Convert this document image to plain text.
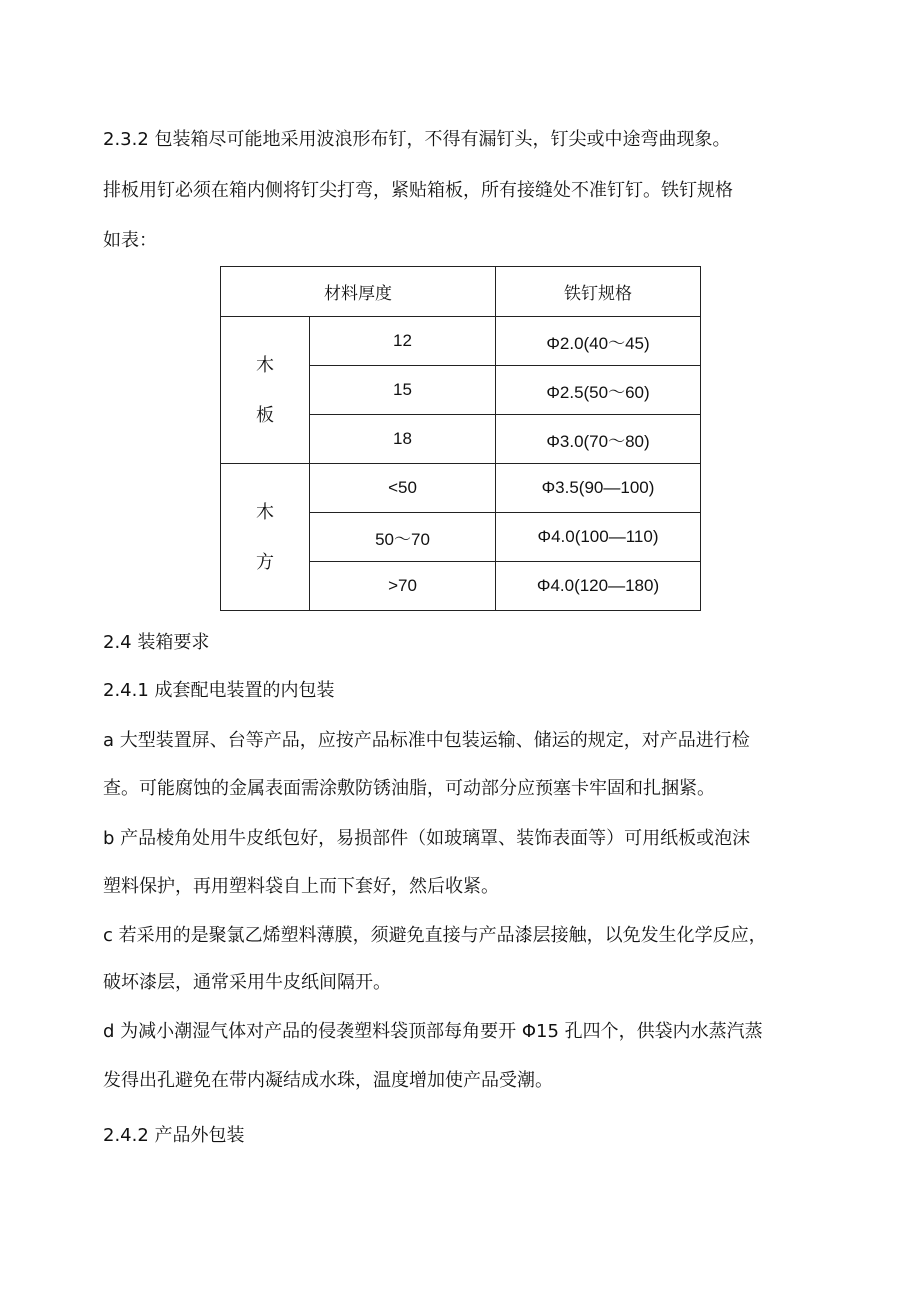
2.3.2 包装箱尽可能地采用波浪形布钉，不得有漏钉头，钉尖或中途弯曲现象。
排板用钉必须在箱内侧将钉尖打弯，紧贴箱板，所有接缝处不准钉钉。铁钉规格
如表：
材料厚度		铁钉规格

木
板	12	Φ2.0(40～45)
	15	Φ2.5(50～60)
	18	Φ3.0(70～80)

木
方	<50	Φ3.5(90—100)
	50～70	Φ4.0(100—110)
	>70	Φ4.0(120—180)
2.4 装箱要求
2.4.1 成套配电装置的内包装
a 大型装置屏、台等产品，应按产品标准中包装运输、储运的规定，对产品进行检
查。可能腐蚀的金属表面需涂敷防锈油脂，可动部分应预塞卡牢固和扎捆紧。
b 产品棱角处用牛皮纸包好，易损部件（如玻璃罩、装饰表面等）可用纸板或泡沫
塑料保护，再用塑料袋自上而下套好，然后收紧。
c 若采用的是聚氯乙烯塑料薄膜，须避免直接与产品漆层接触，以免发生化学反应，
破坏漆层，通常采用牛皮纸间隔开。
d 为减小潮湿气体对产品的侵袭塑料袋顶部每角要开 Φ15 孔四个，供袋内水蒸汽蒸
发得出孔避免在带内凝结成水珠，温度增加使产品受潮。
2.4.2 产品外包装
